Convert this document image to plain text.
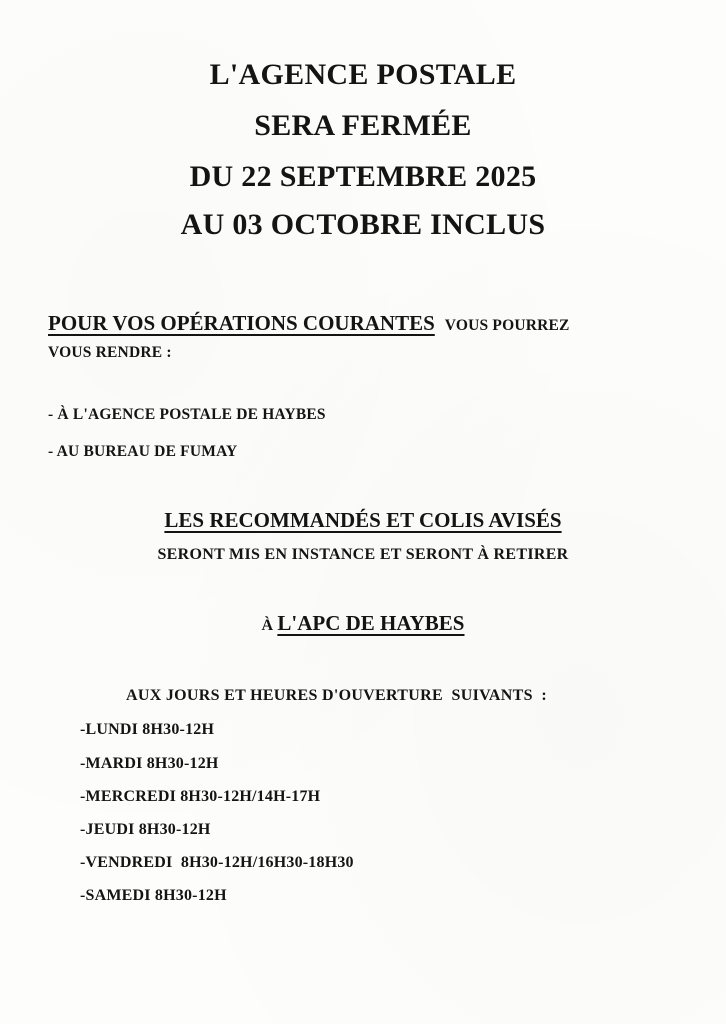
L'AGENCE POSTALE
SERA FERMÉE
DU 22 SEPTEMBRE 2025
AU 03 OCTOBRE INCLUS
POUR VOS OPÉRATIONS COURANTES VOUS POURREZ
VOUS RENDRE :
- À L'AGENCE POSTALE DE HAYBES
- AU BUREAU DE FUMAY
LES RECOMMANDÉS ET COLIS AVISÉS
SERONT MIS EN INSTANCE ET SERONT À RETIRER
À L'APC DE HAYBES
AUX JOURS ET HEURES D'OUVERTURE  SUIVANTS  :
-LUNDI 8H30-12H
-MARDI 8H30-12H
-MERCREDI 8H30-12H/14H-17H
-JEUDI 8H30-12H
-VENDREDI  8H30-12H/16H30-18H30
-SAMEDI 8H30-12H
